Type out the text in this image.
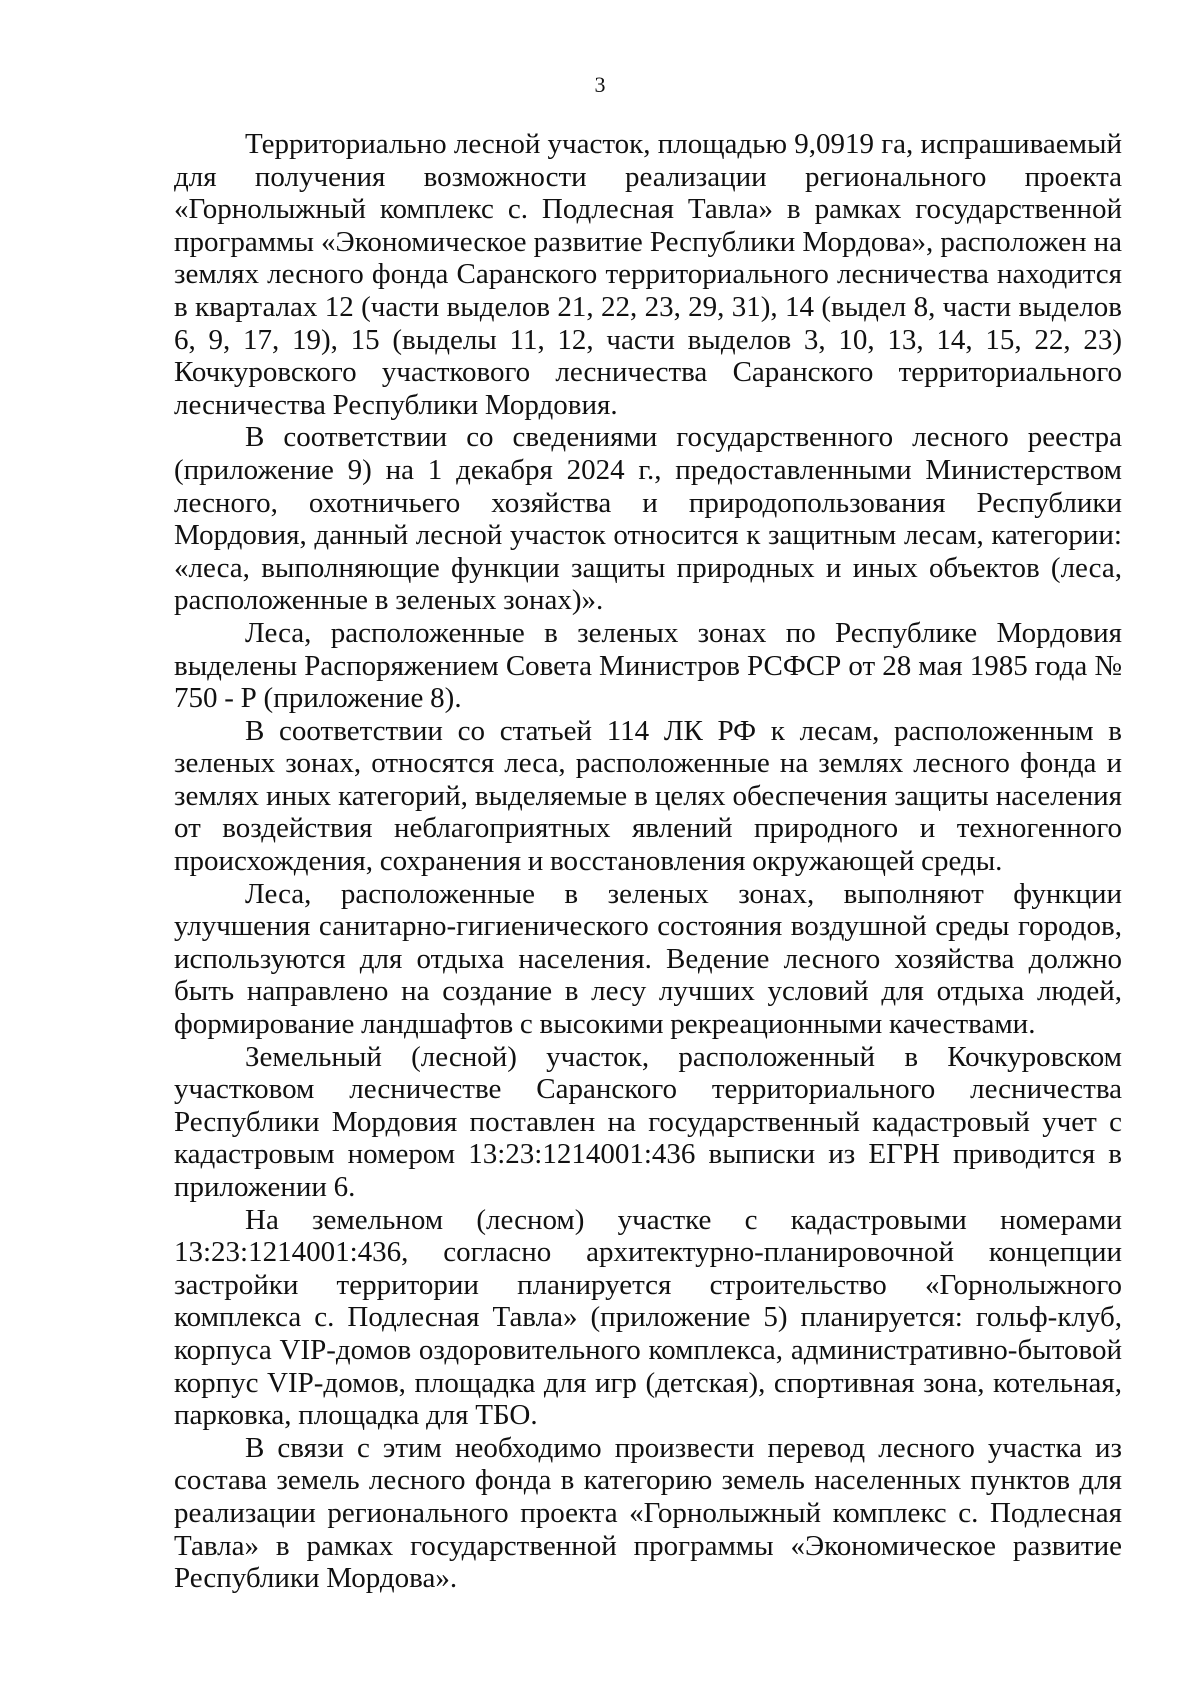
3

Территориально лесной участок, площадью 9,0919 га, испрашиваемый для получения возможности реализации регионального проекта «Горнолыжный комплекс с. Подлесная Тавла» в рамках государственной программы «Экономическое развитие Республики Мордова», расположен на землях лесного фонда Саранского территориального лесничества находится в кварталах 12 (части выделов 21, 22, 23, 29, 31), 14 (выдел 8, части выделов 6, 9, 17, 19), 15 (выделы 11, 12, части выделов 3, 10, 13, 14, 15, 22, 23) Кочкуровского участкового лесничества Саранского территориального лесничества Республики Мордовия.

В соответствии со сведениями государственного лесного реестра (приложение 9) на 1 декабря 2024 г., предоставленными Министерством лесного, охотничьего хозяйства и природопользования Республики Мордовия, данный лесной участок относится к защитным лесам, категории: «леса, выполняющие функции защиты природных и иных объектов (леса, расположенные в зеленых зонах)».

Леса, расположенные в зеленых зонах по Республике Мордовия выделены Распоряжением Совета Министров РСФСР от 28 мая 1985 года № 750 - Р (приложение 8).

В соответствии со статьей 114 ЛК РФ к лесам, расположенным в зеленых зонах, относятся леса, расположенные на землях лесного фонда и землях иных категорий, выделяемые в целях обеспечения защиты населения от воздействия неблагоприятных явлений природного и техногенного происхождения, сохранения и восстановления окружающей среды.

Леса, расположенные в зеленых зонах, выполняют функции улучшения санитарно-гигиенического состояния воздушной среды городов, используются для отдыха населения. Ведение лесного хозяйства должно быть направлено на создание в лесу лучших условий для отдыха людей, формирование ландшафтов с высокими рекреационными качествами.

Земельный (лесной) участок, расположенный в Кочкуровском участковом лесничестве Саранского территориального лесничества Республики Мордовия поставлен на государственный кадастровый учет с кадастровым номером 13:23:1214001:436 выписки из ЕГРН приводится в приложении 6.

На земельном (лесном) участке с кадастровыми номерами 13:23:1214001:436, согласно архитектурно-планировочной концепции застройки территории планируется строительство «Горнолыжного комплекса с. Подлесная Тавла» (приложение 5) планируется: гольф-клуб, корпуса VIP-домов оздоровительного комплекса, административно-бытовой корпус VIP-домов, площадка для игр (детская), спортивная зона, котельная, парковка, площадка для ТБО.

В связи с этим необходимо произвести перевод лесного участка из состава земель лесного фонда в категорию земель населенных пунктов для реализации регионального проекта «Горнолыжный комплекс с. Подлесная Тавла» в рамках государственной программы «Экономическое развитие Республики Мордова».
